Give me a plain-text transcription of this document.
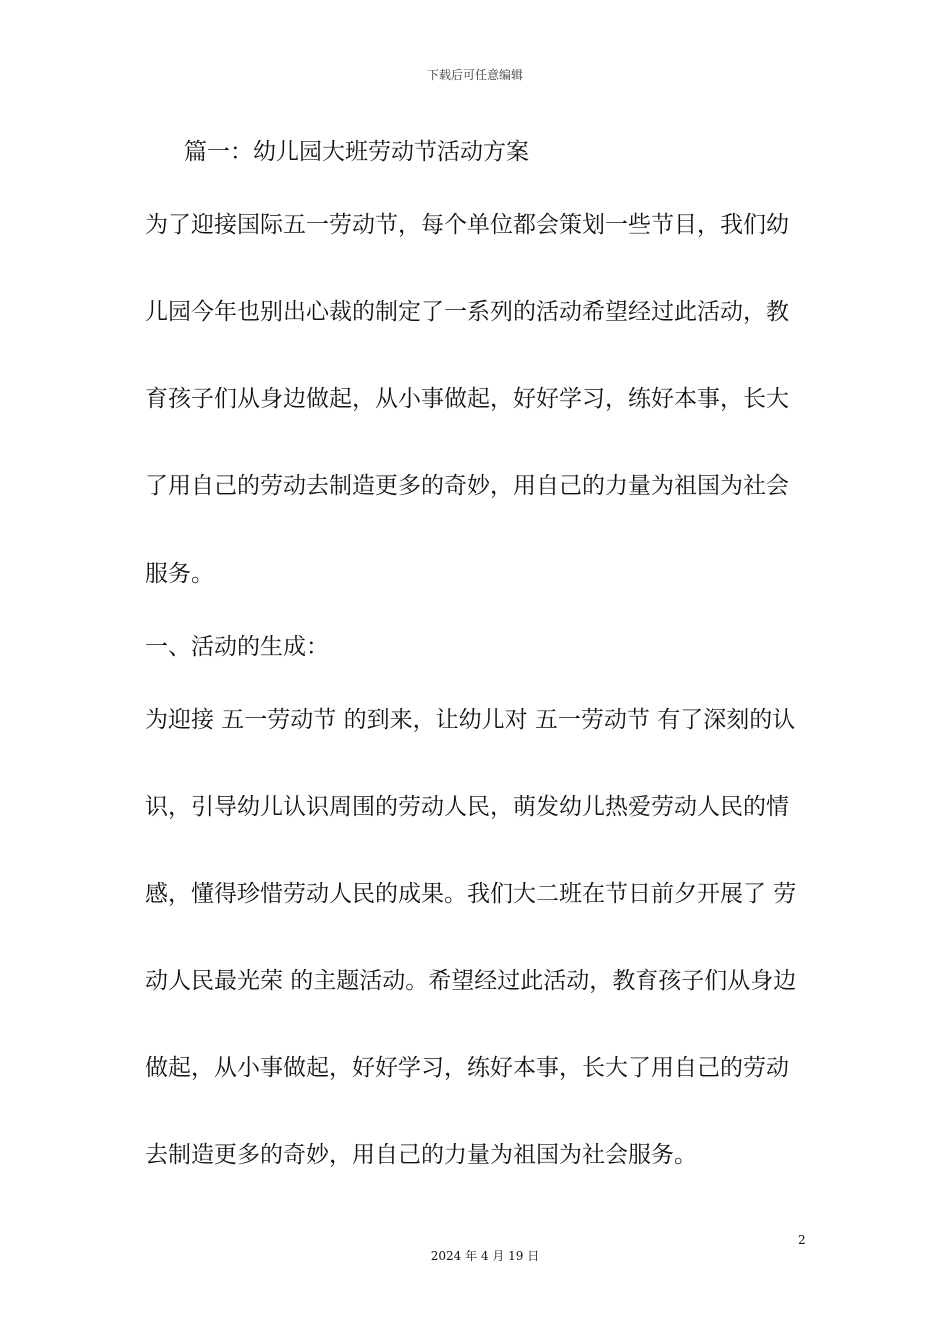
下载后可任意编辑
篇一：幼儿园大班劳动节活动方案
为了迎接国际五一劳动节，每个单位都会策划一些节目，我们幼
儿园今年也别出心裁的制定了一系列的活动希望经过此活动，教
育孩子们从身边做起，从小事做起，好好学习，练好本事，长大
了用自己的劳动去制造更多的奇妙，用自己的力量为祖国为社会
服务。
一、活动的生成：
为迎接 五一劳动节 的到来，让幼儿对 五一劳动节 有了深刻的认
识，引导幼儿认识周围的劳动人民，萌发幼儿热爱劳动人民的情
感，懂得珍惜劳动人民的成果。我们大二班在节日前夕开展了 劳
动人民最光荣 的主题活动。希望经过此活动，教育孩子们从身边
做起，从小事做起，好好学习，练好本事，长大了用自己的劳动
去制造更多的奇妙，用自己的力量为祖国为社会服务。
2
2024 年 4 月 19 日
